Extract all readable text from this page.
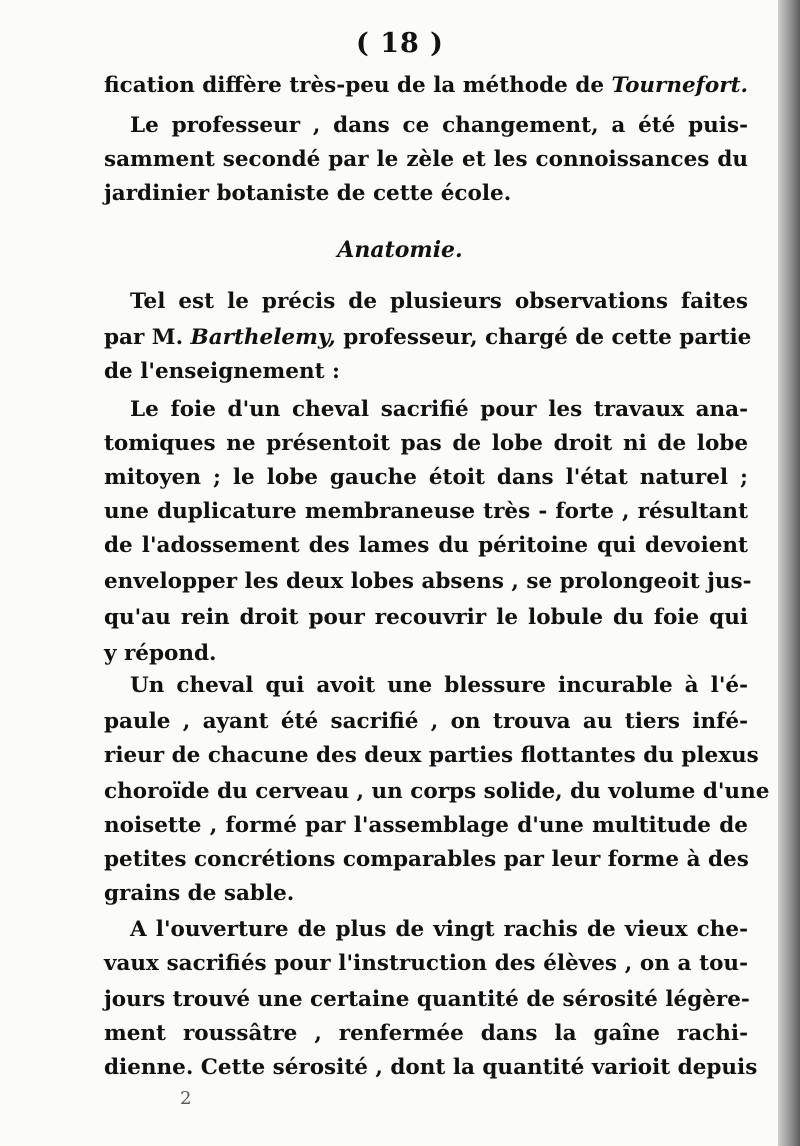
( 18 )
fication diffère très-peu de la méthode de Tournefort.
Le professeur , dans ce changement, a été puis-
samment secondé par le zèle et les connoissances du
jardinier botaniste de cette école.
Anatomie.
Tel est le précis de plusieurs observations faites
par M. Barthelemy, professeur, chargé de cette partie
de l'enseignement :
Le foie d'un cheval sacrifié pour les travaux ana-
tomiques ne présentoit pas de lobe droit ni de lobe
mitoyen ; le lobe gauche étoit dans l'état naturel ;
une duplicature membraneuse très - forte , résultant
de l'adossement des lames du péritoine qui devoient
envelopper les deux lobes absens , se prolongeoit jus-
qu'au rein droit pour recouvrir le lobule du foie qui
y répond.
Un cheval qui avoit une blessure incurable à l'é-
paule , ayant été sacrifié , on trouva au tiers infé-
rieur de chacune des deux parties flottantes du plexus
choroïde du cerveau , un corps solide, du volume d'une
noisette , formé par l'assemblage d'une multitude de
petites concrétions comparables par leur forme à des
grains de sable.
A l'ouverture de plus de vingt rachis de vieux che-
vaux sacrifiés pour l'instruction des élèves , on a tou-
jours trouvé une certaine quantité de sérosité légère-
ment roussâtre , renfermée dans la gaîne rachi-
dienne. Cette sérosité , dont la quantité varioit depuis
2
